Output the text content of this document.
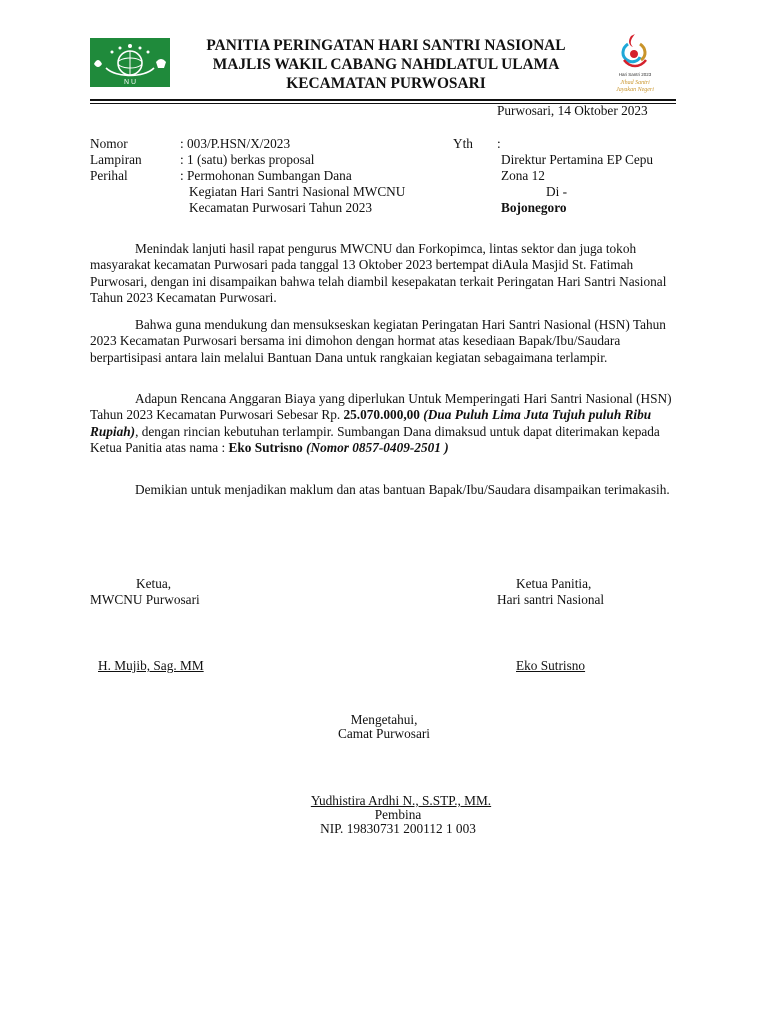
N U
PANITIA PERINGATAN HARI SANTRI NASIONAL
MAJLIS WAKIL CABANG NAHDLATUL ULAMA
KECAMATAN PURWOSARI
Hari Santri 2023
Jihad Santri
Jayakan Negeri
Purwosari, 14 Oktober 2023
Nomor	: 003/P.HSN/X/2023
Lampiran	: 1 (satu) berkas proposal
Perihal	: Permohonan Sumbangan Dana
Kegiatan Hari Santri Nasional MWCNU
Kecamatan Purwosari Tahun 2023
Yth :
Direktur Pertamina EP Cepu
Zona 12
Di -
Bojonegoro
Menindak lanjuti hasil rapat pengurus MWCNU dan Forkopimca, lintas sektor dan juga tokoh masyarakat kecamatan Purwosari pada tanggal 13 Oktober 2023 bertempat diAula Masjid St. Fatimah Purwosari, dengan ini disampaikan bahwa telah diambil kesepakatan terkait Peringatan Hari Santri Nasional Tahun 2023 Kecamatan Purwosari.
Bahwa guna mendukung dan mensukseskan kegiatan Peringatan Hari Santri Nasional (HSN) Tahun 2023 Kecamatan Purwosari bersama ini dimohon dengan hormat atas kesediaan Bapak/Ibu/Saudara berpartisipasi antara lain melalui Bantuan Dana untuk rangkaian kegiatan sebagaimana terlampir.
Adapun Rencana Anggaran Biaya yang diperlukan Untuk Memperingati Hari Santri Nasional (HSN) Tahun 2023 Kecamatan Purwosari Sebesar Rp. 25.070.000,00 (Dua Puluh Lima Juta Tujuh puluh Ribu Rupiah), dengan rincian kebutuhan terlampir. Sumbangan Dana dimaksud untuk dapat diterimakan kepada Ketua Panitia atas nama : Eko Sutrisno (Nomor 0857-0409-2501 )
Demikian untuk menjadikan maklum dan atas bantuan Bapak/Ibu/Saudara disampaikan terimakasih.
Ketua,
MWCNU Purwosari
H. Mujib, Sag. MM
Ketua Panitia,
Hari santri Nasional
Eko Sutrisno
Mengetahui,
Camat Purwosari
Yudhistira Ardhi N., S.STP., MM.
Pembina
NIP. 19830731 200112 1 003
